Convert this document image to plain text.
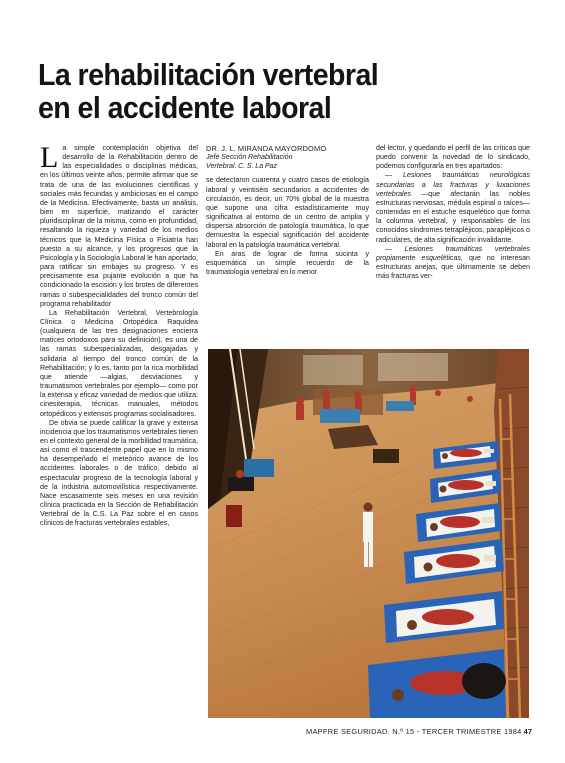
La rehabilitación vertebral
en el accidente laboral

La simple contemplación objetiva del desarrollo de la Rehabilitación dentro de las especialidades o disciplinas médicas, en los últimos veinte años, permite afirmar que se trata de una de las evoluciones científicas y sociales más fecundas y ambiciosas en el campo de la Medicina. Efectivamente, basta un análisis, bien en superficie, matizando el carácter pluridisciplinar de la misma, como en profundidad, resaltando la riqueza y variedad de los medios técnicos que la Medicina Física o Fisiatría han puesto a su alcance, y los progresos que la Psicología y la Sociología Laboral le han aportado, para ratificar sin embajes su progreso. Y es precisamente esa pujante evolución a que ha condicionado la escisión y los brotes de diferentes ramas o subespecialidades del tronco común del programa rehabilitador

La Rehabilitación Vertebral, Vertebrología Clínica o Medicina Ortopédica Raquídea (cualquiera de las tres designaciones encierra matices ortodoxos para su definición), es una de las ramas subespecializadas, desgajadas y solidaria al tiempo del tronco común de la Rehabilitación; y lo es, tanto por la rica morbilidad que atiende —algias, desviaciones y traumatismos vertebrales por ejemplo— como por la extensa y eficaz variedad de medios que utiliza: cinesiterapia, técnicas manuales, métodos ortopédicos y extensos programas socialisadores.

De obvia se puede calificar la grave y extensa incidencia que los traumatismos vertebrales tienen en el contexto general de la morbilidad traumática, así como el trascendente papel que en lo mismo ha desempeñado el meteórico avance de los accidentes laborales o de tráfico, debido al espectacular progreso de la tecnología laboral y de la industria automovilística respectivamente. Nace escasamente seis meses en una revisión clínica practicada en la Sección de Rehabilitación Vertebral de la C.S. La Paz sobre el en casos clínicos de fracturas vertebrales estables,

DR. J. L. MIRANDA MAYORDOMO
Jefe Sección Rehabilitación
Vertebral. C. S. La Paz

se detectaron cuarenta y cuatro casos de etiología laboral y veintiséis secundarios a accidentes de circulación, es decir, un 70% global de la muestra que supone una cifra estadísticamente muy significativa al entorno de un centro de amplia y dispersa absorción de patología traumática, lo que demuestra la especial significación del accidente laboral en la patología traumática vertebral.

En aras de lograr de forma sucinta y esquemática un simple recuerdo de la traumatología vertebral en lo menor

del lector, y quedando el perfil de las críticas que puedo convenir la novedad de lo sindicado, podemos configurarla en tres apartados:

— Lesiones traumáticas neurológicas secundarias a las fracturas y luxaciones vertebrales —que afectarán las nobles estructuras nerviosas, médula espinal o raíces— contenidas en el estuche esquelético que forma la columna vertebral, y responsables de los conocidos síndromes tetrapléjicos, parapléjicos o radiculares, de alta significación invalidante.

— Lesiones traumáticas vertebrales propiamente esqueléticas, que no interesan estructuras anejas, que últimamente se deben más fracturas ver-

MAPFRE SEGURIDAD. N.º 15 - TERCER TRIMESTRE 1984 47
